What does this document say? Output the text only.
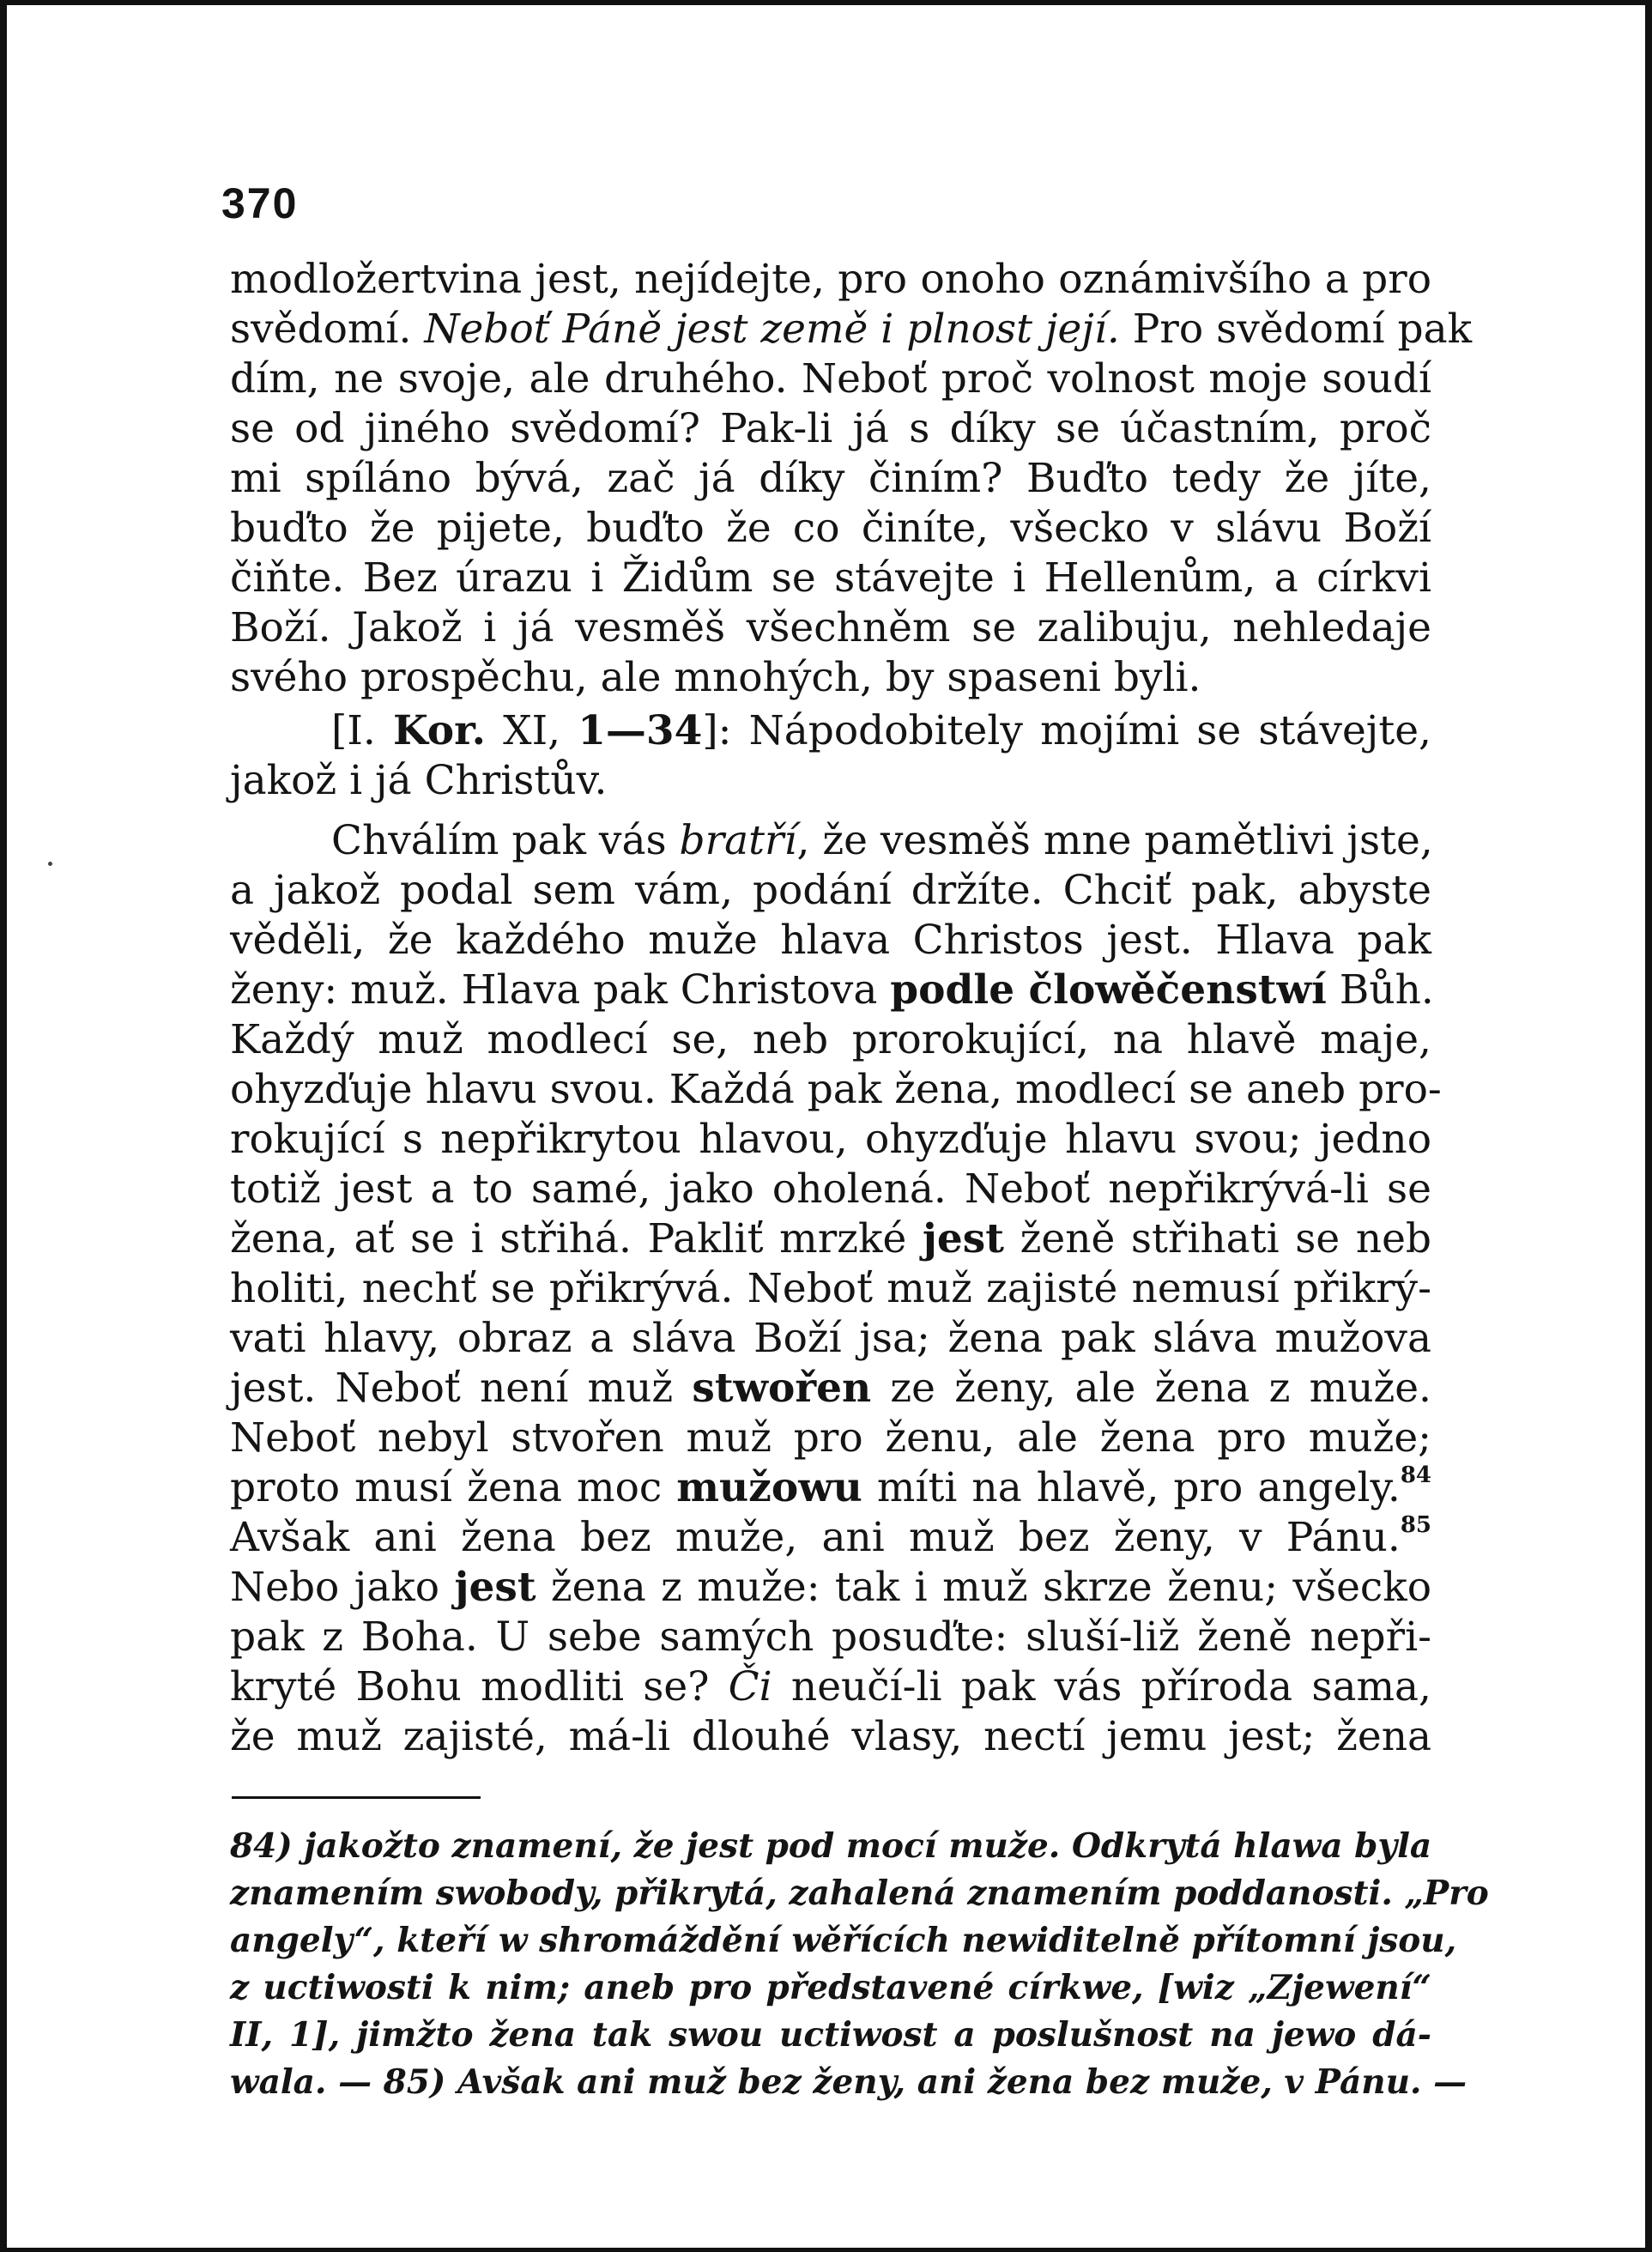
370
modložertvina jest, nejídejte, pro onoho oznámivšího a pro
svědomí. Neboť Páně jest země i plnost její. Pro svědomí pak
dím, ne svoje, ale druhého. Neboť proč volnost moje soudí
se od jiného svědomí? Pak-li já s díky se účastním, proč
mi spíláno bývá, zač já díky činím? Buďto tedy že jíte,
buďto že pijete, buďto že co činíte, všecko v slávu Boží
čiňte. Bez úrazu i Židům se stávejte i Hellenům, a církvi
Boží. Jakož i já vesměš všechněm se zalibuju, nehledaje
svého prospěchu, ale mnohých, by spaseni byli.
[I. Kor. XI, 1—34]: Nápodobitely mojími se stávejte,
jakož i já Christův.
Chválím pak vás bratří, že vesměš mne pamětlivi jste,
a jakož podal sem vám, podání držíte. Chciť pak, abyste
věděli, že každého muže hlava Christos jest. Hlava pak
ženy: muž. Hlava pak Christova podle člowěčenstwí Bůh.
Každý muž modlecí se, neb prorokující, na hlavě maje,
ohyzďuje hlavu svou. Každá pak žena, modlecí se aneb pro-
rokující s nepřikrytou hlavou, ohyzďuje hlavu svou; jedno
totiž jest a to samé, jako oholená. Neboť nepřikrývá-li se
žena, ať se i střihá. Pakliť mrzké jest ženě střihati se neb
holiti, nechť se přikrývá. Neboť muž zajisté nemusí přikrý-
vati hlavy, obraz a sláva Boží jsa; žena pak sláva mužova
jest. Neboť není muž stwořen ze ženy, ale žena z muže.
Neboť nebyl stvořen muž pro ženu, ale žena pro muže;
proto musí žena moc mužowu míti na hlavě, pro angely.$^{84}$
Avšak ani žena bez muže, ani muž bez ženy, v Pánu.$^{85}$
Nebo jako jest žena z muže: tak i muž skrze ženu; všecko
pak z Boha. U sebe samých posuďte: sluší-liž ženě nepři-
kryté Bohu modliti se? Či neučí-li pak vás příroda sama,
že muž zajisté, má-li dlouhé vlasy, nectí jemu jest; žena
84) jakožto znamení, že jest pod mocí muže. Odkrytá hlawa byla
znamením swobody, přikrytá, zahalená znamením poddanosti. „Pro
angely“, kteří w shromáždění wěřících newiditelně přítomní jsou,
z uctiwosti k nim; aneb pro představené církwe, [wiz „Zjewení“
II, 1], jimžto žena tak swou uctiwost a poslušnost na jewo dá-
wala. — 85) Avšak ani muž bez ženy, ani žena bez muže, v Pánu. —
